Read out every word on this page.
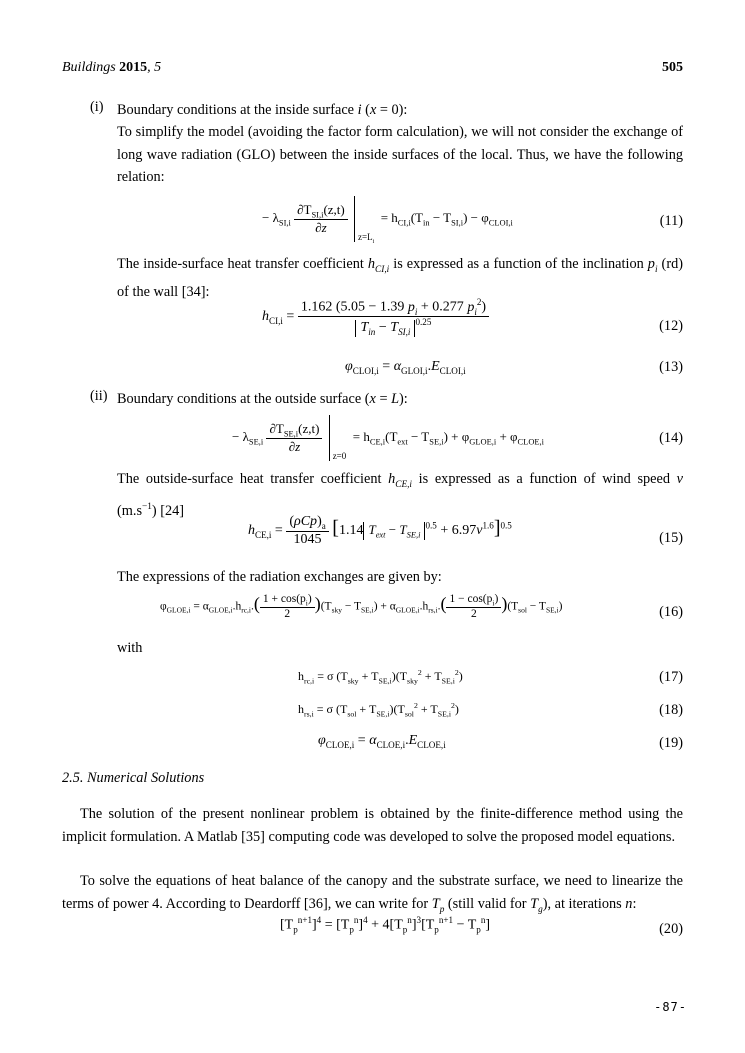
Buildings 2015, 5	505
(i) Boundary conditions at the inside surface i (x = 0):
To simplify the model (avoiding the factor form calculation), we will not consider the exchange of long wave radiation (GLO) between the inside surfaces of the local. Thus, we have the following relation:
− $\lambda_{SI,i} \frac{\partial T_{SI,i}(z,t)}{\partial z}$
$_{z=L_i} = h_{CI,i}(T_{in} - T_{SI,i}) - \varphi_{CLOI,i}$	(11)
The inside-surface heat transfer coefficient $h_{CI,i}$ is expressed as a function of the inclination $p_i$ (rd) of the wall [34]:
$h_{CI,i} = \frac{1.162 (5.05 - 1.39 p_i + 0.277 p_i^2)}{T_{in} - T_{SI,i}^{0.25}}$	(12)
$\varphi_{CLOI,i} = \alpha_{GLOI,i}.E_{CLOI,i}$	(13)
(ii) Boundary conditions at the outside surface (x = L):
− $\lambda_{SE,i} \frac{\partial T_{SE,i}(z,t)}{\partial z}$
$_{z=0} = h_{CE,i}(T_{ext} - T_{SE,i}) + \varphi_{GLOE,i} + \varphi_{CLOE,i}$	(14)
The outside-surface heat transfer coefficient $h_{CE,i}$ is expressed as a function of wind speed v $(m.s^{-1})$ [24]
$h_{CE,i} = \frac{(\rho Cp)_a}{1045} [1.14$ $T_{ext} - T_{SE,i}^{0.5} + 6.97v^{1.6}]^{0.5}$
(15)
The expressions of the radiation exchanges are given by:
$\varphi_{GLOE,i} = \alpha_{GLOE,i}.h_{rc,i}.( \frac{1 + \cos(p_i)}{2} )(T_{sky} - T_{SE,i}) + \alpha_{GLOE,i}.h_{rs,i}.( \frac{1 - \cos(p_i)}{2} )(T_{sol} - T_{SE,i})$	(16)
with
$h_{rc,i} = \sigma$ $(T_{sky} + T_{SE,i})(T_{sky}^2 + T_{SE,i}^2)$	(17)
$h_{rs,i} = \sigma$ $(T_{sol} + T_{SE,i})(T_{sol}^2 + T_{SE,i}^2)$	(18)
$\varphi_{CLOE,i} = \alpha_{CLOE,i}.E_{CLOE,i}$	(19)
2.5. Numerical Solutions
The solution of the present nonlinear problem is obtained by the finite-difference method using the implicit formulation. A Matlab [35] computing code was developed to solve the proposed model equations.
To solve the equations of heat balance of the canopy and the substrate surface, we need to linearize the terms of power 4. According to Deardorff [36], we can write for $T_p$ (still valid for $T_g$), at iterations n:
$[T_p^{n+1}]^4 = [T_p^n]^4 + 4[T_p^n]^3[T_p^{n+1} - T_p^n]$	(20)
-87-
